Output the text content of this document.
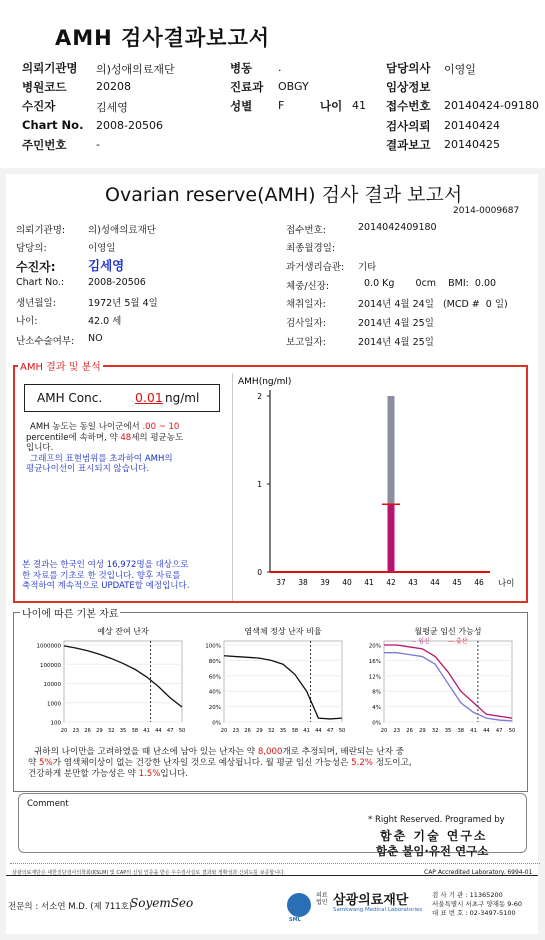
AMH 검사결과보고서
의뢰기관명 의)성애의료재단
병원코드	20208
수진자	김세영
Chart No. 2008-20506
주민번호	-
병동 .
진료과 OBGY
성별 F	나이 41
담당의사 이영일
임상정보
접수번호 20140424-09180
검사의뢰 20140424
결과보고 20140425
Ovarian reserve(AMH) 검사 결과 보고서
2014-0009687
의뢰기관명: 의)성애의료재단
담당의:	이영일
수진자:	김세영
Chart No.:	2008-20506
생년월일:	1972년 5월 4일
나이:	42.0 세
난소수술여부: NO
접수번호:	2014042409180
최종월경일:
과거생리습관: 기타
체중/신장:	0.0 Kg       0cm    BMI:  0.00
채취일자:	2014년 4월 24일   (MCD #  0 일)
검사일자:	2014년 4월 25일
보고일자:	2014년 4월 25일
AMH 결과 및 분석
AMH Conc.	0.01 ng/ml
AMH 농도는 동일 나이군에서 .00 ~ 10
percentile에 속하며, 약 48세의 평균농도
입니다.
그래프의 표현범위를 초과하여 AMH의
평균나이선이 표시되지 않습니다.
본 결과는 한국인 여성 16,972명을 대상으로
한 자료를 기초로 한 것입니다. 향후 자료를
축적하여 계속적으로 UPDATE할 예정입니다.
AMH(ng/ml)
0
1
2
37 38 39 40 41 42 43 44 45 46 나이
나이에 따른 기본 자료
예상 잔여 난자
1000000
100000
10000
1000
100
20 23 26 29 32 35 38 41 44 47 50
염색체 정상 난자 비율
100%
80%
60%
40%
20%
0%
20 23 26 29 32 35 38 41 44 47 50
월평균 임신 가능성
20%
16%
12%
8%
4%
0%
20 23 26 29 32 35 38 41 44 47 50
-- 임신	— 출산
귀하의 나이만을 고려하였을 때 난소에 남아 있는 난자는 약 8,000개로 추정되며, 배란되는 난자 중
약 5%가 염색체이상이 없는 건강한 난자일 것으로 예상됩니다. 월 평균 임신 가능성은 5.2% 정도이고,
건강하게 분만할 가능성은 약 1.5%입니다.
Comment
* Right Reserved. Programed by
함춘 기술 연구소
함춘 불임·유전 연구소
삼광의료재단은 대한진단검사의학회(KSLM) 및 CAP의 신임 인증을 받은 우수검사실로 결과와 정확성과 신뢰도를 보증합니다.	CAP Accredited Laboratory. 6994-01
전문의 : 서소연 M.D. (제 711호)
SoyemSeo
SML
의료 법인 삼광의료재단
Samkwang Medical Laboratories
검 사 기 관 : 11365200
서울특별시 서초구 양재동 9-60
대 표 번 호 : 02-3497-5100
